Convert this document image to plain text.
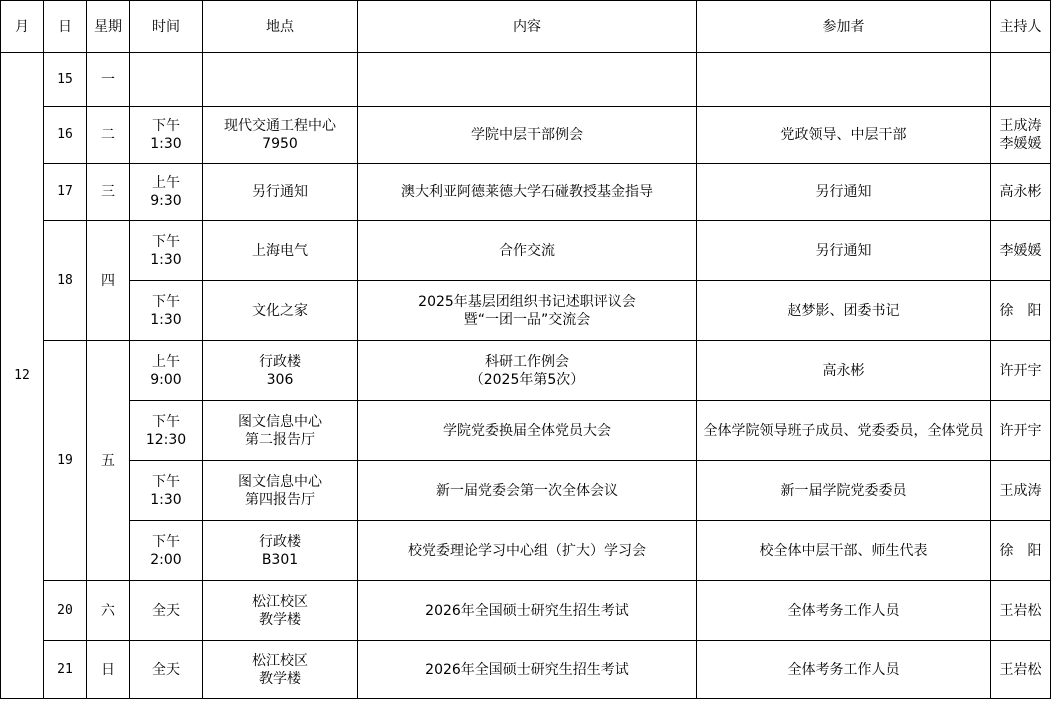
月	日	星期	时间	地点	内容	参加者	主持人
12	15	一					
	16	二	下午
1:30	现代交通工程中心
7950	学院中层干部例会	党政领导、中层干部	王成涛
李媛媛
	17	三	上午
9:30	另行通知	澳大利亚阿德莱德大学石碰教授基金指导	另行通知	高永彬
	18	四	下午
1:30	上海电气	合作交流	另行通知	李媛媛
			下午
1:30	文化之家	2025年基层团组织书记述职评议会
暨“一团一品”交流会	赵梦影、团委书记	徐　阳
	19	五	上午
9:00	行政楼
306	科研工作例会
（2025年第5次）	高永彬	许开宇
			下午
12:30	图文信息中心
第二报告厅	学院党委换届全体党员大会	全体学院领导班子成员、党委委员，全体党员	许开宇
			下午
1:30	图文信息中心
第四报告厅	新一届党委会第一次全体会议	新一届学院党委委员	王成涛
			下午
2:00	行政楼
B301	校党委理论学习中心组（扩大）学习会	校全体中层干部、师生代表	徐　阳
	20	六	全天	松江校区
教学楼	2026年全国硕士研究生招生考试	全体考务工作人员	王岩松
	21	日	全天	松江校区
教学楼	2026年全国硕士研究生招生考试	全体考务工作人员	王岩松
